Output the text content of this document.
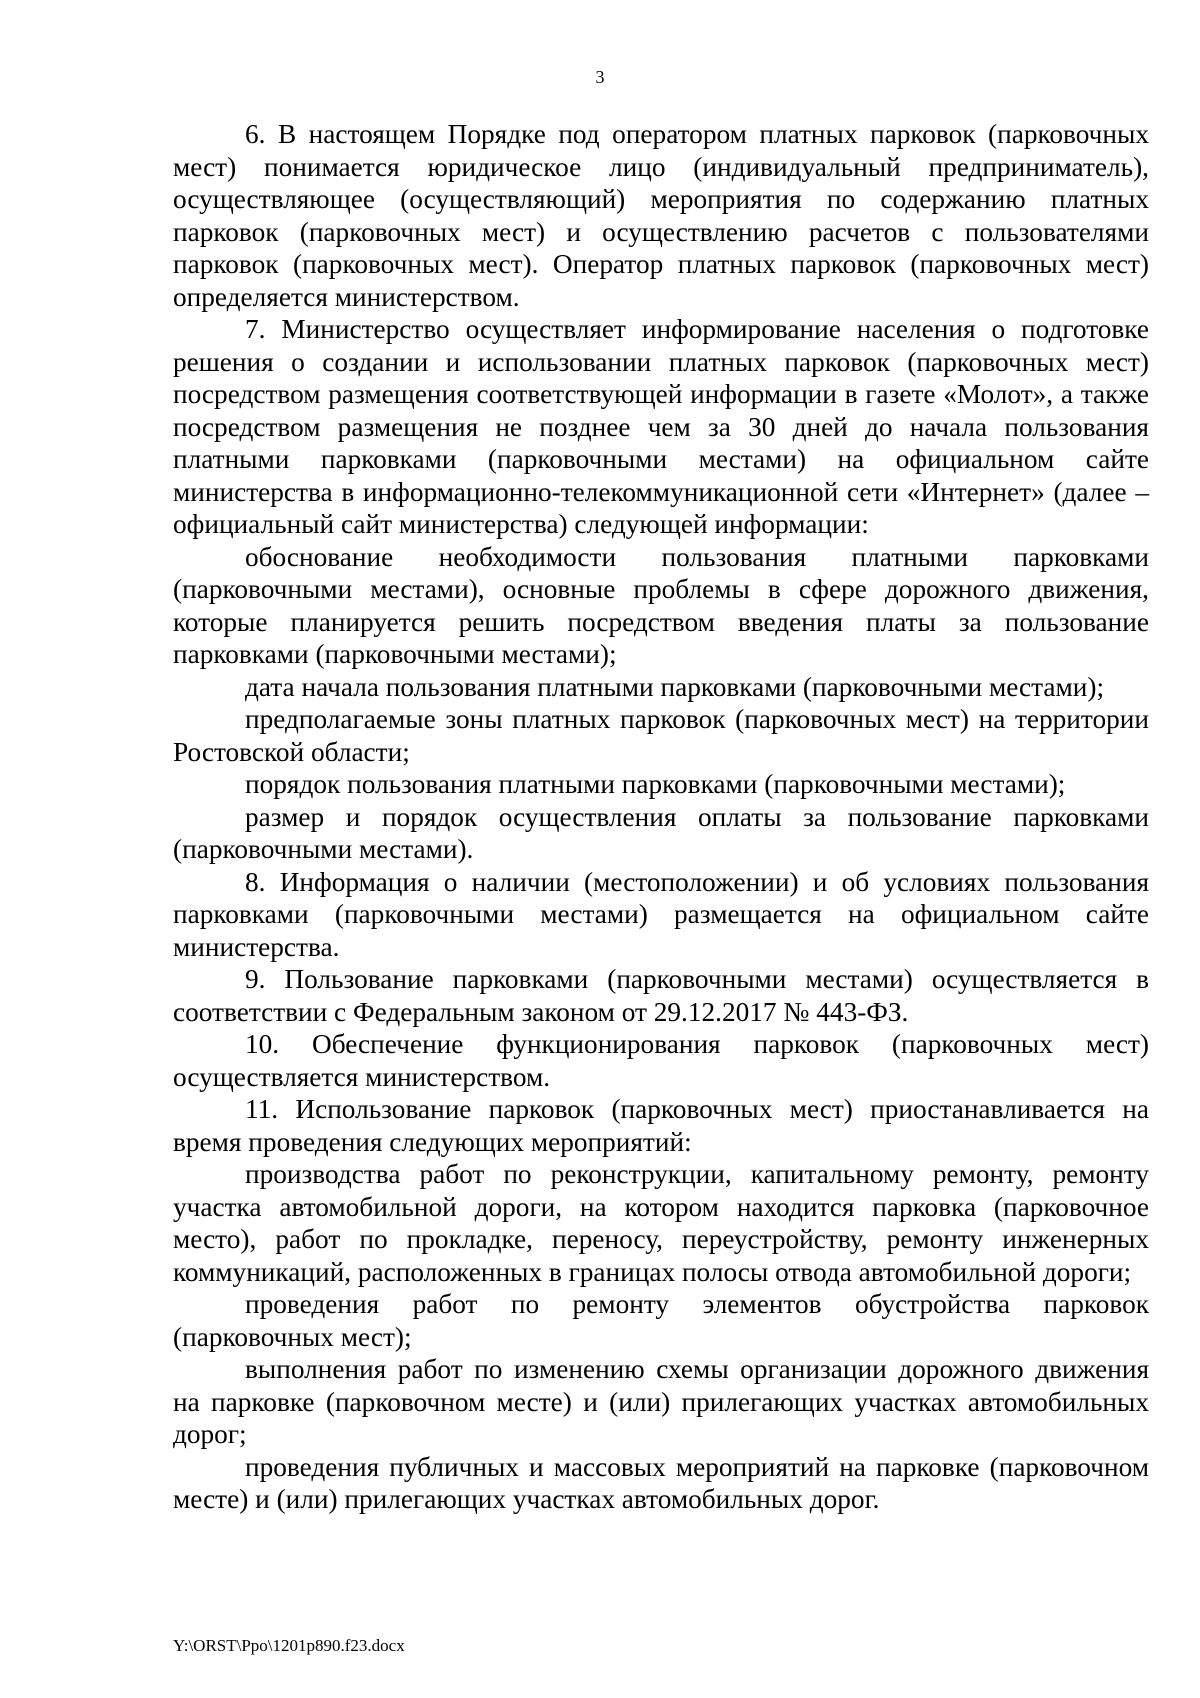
3

6. В настоящем Порядке под оператором платных парковок (парковочных мест) понимается юридическое лицо (индивидуальный предприниматель), осуществляющее (осуществляющий) мероприятия по содержанию платных парковок (парковочных мест) и осуществлению расчетов с пользователями парковок (парковочных мест). Оператор платных парковок (парковочных мест) определяется министерством.

7. Министерство осуществляет информирование населения о подготовке решения о создании и использовании платных парковок (парковочных мест) посредством размещения соответствующей информации в газете «Молот», а также посредством размещения не позднее чем за 30 дней до начала пользования платными парковками (парковочными местами) на официальном сайте министерства в информационно-телекоммуникационной сети «Интернет» (далее – официальный сайт министерства) следующей информации:

обоснование необходимости пользования платными парковками (парковочными местами), основные проблемы в сфере дорожного движения, которые планируется решить посредством введения платы за пользование парковками (парковочными местами);

дата начала пользования платными парковками (парковочными местами);

предполагаемые зоны платных парковок (парковочных мест) на территории Ростовской области;

порядок пользования платными парковками (парковочными местами);

размер и порядок осуществления оплаты за пользование парковками (парковочными местами).

8. Информация о наличии (местоположении) и об условиях пользования парковками (парковочными местами) размещается на официальном сайте министерства.

9. Пользование парковками (парковочными местами) осуществляется в соответствии с Федеральным законом от 29.12.2017 № 443-ФЗ.

10. Обеспечение функционирования парковок (парковочных мест) осуществляется министерством.

11. Использование парковок (парковочных мест) приостанавливается на время проведения следующих мероприятий:

производства работ по реконструкции, капитальному ремонту, ремонту участка автомобильной дороги, на котором находится парковка (парковочное место), работ по прокладке, переносу, переустройству, ремонту инженерных коммуникаций, расположенных в границах полосы отвода автомобильной дороги;

проведения работ по ремонту элементов обустройства парковок (парковочных мест);

выполнения работ по изменению схемы организации дорожного движения на парковке (парковочном месте) и (или) прилегающих участках автомобильных дорог;

проведения публичных и массовых мероприятий на парковке (парковочном месте) и (или) прилегающих участках автомобильных дорог.

Y:\ORST\Ppo\1201p890.f23.docx
